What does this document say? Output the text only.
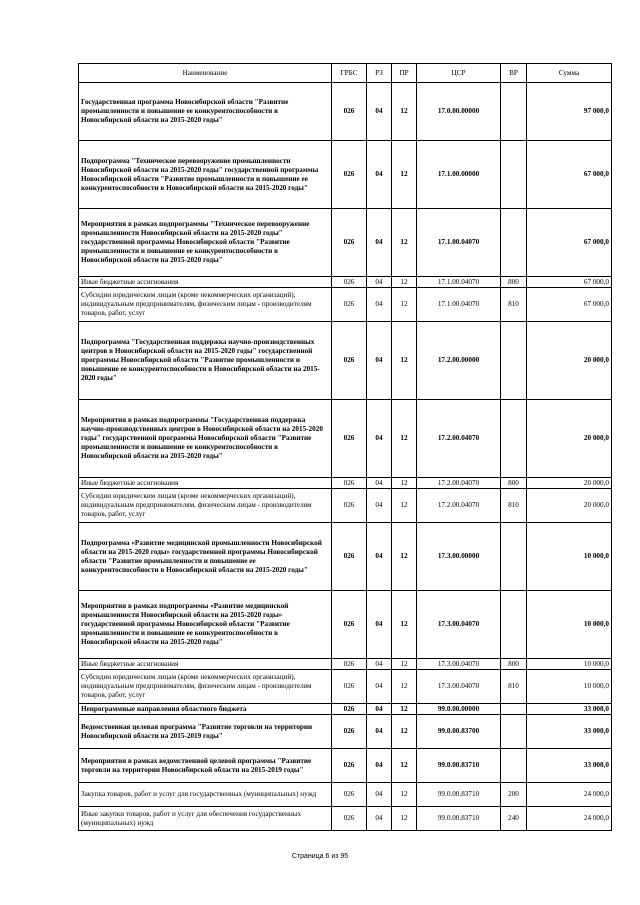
Наименование	ГРБС	РЗ	ПР	ЦСР	ВР	Сумма
Государственная программа Новосибирской области "Развитие промышленности и повышение ее конкурентоспособности в Новосибирской области на 2015-2020 годы"	026	04	12	17.0.00.00000		97 000,0
Подпрограмма "Техническое перевооружение промышленности Новосибирской области на 2015-2020 годы" государственной программы Новосибирской области "Развитие промышленности и повышение ее конкурентоспособности в Новосибирской области на 2015-2020 годы"	026	04	12	17.1.00.00000		67 000,0
Мероприятия в рамках подпрограммы "Техническое перевооружение промышленности Новосибирской области на 2015-2020 годы" государственной программы Новосибирской области "Развитие промышленности и повышение ее конкурентоспособности в Новосибирской области на 2015-2020 годы"	026	04	12	17.1.00.04070		67 000,0
Иные бюджетные ассигнования	026	04	12	17.1.00.04070	800	67 000,0
Субсидии юридическим лицам (кроме некоммерческих организаций), индивидуальным предпринимателям, физическим лицам - производителям товаров, работ, услуг	026	04	12	17.1.00.04070	810	67 000,0
Подпрограмма "Государственная поддержка научно-производственных центров в Новосибирской области на 2015-2020 годы" государственной программы Новосибирской области "Развитие промышленности и повышение ее конкурентоспособности в Новосибирской области на 2015-2020 годы"	026	04	12	17.2.00.00000		20 000,0
Мероприятия в рамках подпрограммы "Государственная поддержка научно-производственных центров в Новосибирской области на 2015-2020 годы" государственной программы Новосибирской области "Развитие промышленности и повышение ее конкурентоспособности в Новосибирской области на 2015-2020 годы"	026	04	12	17.2.00.04070		20 000,0
Иные бюджетные ассигнования	026	04	12	17.2.00.04070	800	20 000,0
Субсидии юридическим лицам (кроме некоммерческих организаций), индивидуальным предпринимателям, физическим лицам - производителям товаров, работ, услуг	026	04	12	17.2.00.04070	810	20 000,0
Подпрограмма «Развитие медицинской промышленности Новосибирской области на 2015-2020 годы» государственной программы Новосибирской области "Развитие промышленности и повышение ее конкурентоспособности в Новосибирской области на 2015-2020 годы"	026	04	12	17.3.00.00000		10 000,0
Мероприятия в рамках подпрограммы «Развитие медицинской промышленности Новосибирской области на 2015-2020 годы» государственной программы Новосибирской области "Развитие промышленности и повышение ее конкурентоспособности в Новосибирской области на 2015-2020 годы"	026	04	12	17.3.00.04070		10 000,0
Иные бюджетные ассигнования	026	04	12	17.3.00.04070	800	10 000,0
Субсидии юридическим лицам (кроме некоммерческих организаций), индивидуальным предпринимателям, физическим лицам - производителям товаров, работ, услуг	026	04	12	17.3.00.04070	810	10 000,0
Непрограммные направления областного бюджета	026	04	12	99.0.00.00000		33 000,0
Ведомственная целевая программа "Развитие торговли на территории Новосибирской области на 2015-2019 годы"	026	04	12	99.0.00.83700		33 000,0
Мероприятия в рамках ведомственной целевой программы "Развитие торговли на территории Новосибирской области на 2015-2019 годы"	026	04	12	99.0.00.83710		33 000,0
Закупка товаров, работ и услуг для государственных (муниципальных) нужд	026	04	12	99.0.00.83710	200	24 000,0
Иные закупки товаров, работ и услуг для обеспечения государственных (муниципальных) нужд	026	04	12	99.0.00.83710	240	24 000,0
Страница 6 из 95
